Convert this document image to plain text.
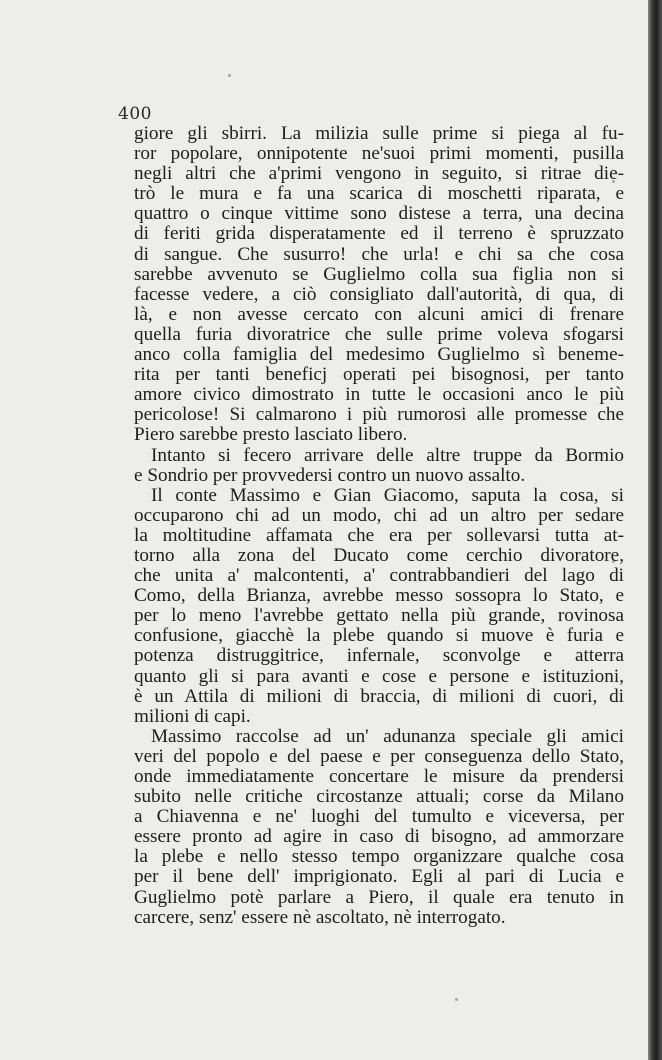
400
giore gli sbirri. La milizia sulle prime si piega al fu-
ror popolare, onnipotente ne'suoi primi momenti, pusilla
negli altri che a'primi vengono in seguito, si ritrae die-
trò le mura e fa una scarica di moschetti riparata, e
quattro o cinque vittime sono distese a terra, una decina
di feriti grida disperatamente ed il terreno è spruzzato
di sangue. Che susurro! che urla! e chi sa che cosa
sarebbe avvenuto se Guglielmo colla sua figlia non si
facesse vedere, a ciò consigliato dall'autorità, di qua, di
là, e non avesse cercato con alcuni amici di frenare
quella furia divoratrice che sulle prime voleva sfogarsi
anco colla famiglia del medesimo Guglielmo sì beneme-
rita per tanti beneficj operati pei bisognosi, per tanto
amore civico dimostrato in tutte le occasioni anco le più
pericolose! Si calmarono i più rumorosi alle promesse che
Piero sarebbe presto lasciato libero.
Intanto si fecero arrivare delle altre truppe da Bormio
e Sondrio per provvedersi contro un nuovo assalto.
Il conte Massimo e Gian Giacomo, saputa la cosa, si
occuparono chi ad un modo, chi ad un altro per sedare
la moltitudine affamata che era per sollevarsi tutta at-
torno alla zona del Ducato come cerchio divoratore,
che unita a' malcontenti, a' contrabbandieri del lago di
Como, della Brianza, avrebbe messo sossopra lo Stato, e
per lo meno l'avrebbe gettato nella più grande, rovinosa
confusione, giacchè la plebe quando si muove è furia e
potenza distruggitrice, infernale, sconvolge e atterra
quanto gli si para avanti e cose e persone e istituzioni,
è un Attila di milioni di braccia, di milioni di cuori, di
milioni di capi.
Massimo raccolse ad un' adunanza speciale gli amici
veri del popolo e del paese e per conseguenza dello Stato,
onde immediatamente concertare le misure da prendersi
subito nelle critiche circostanze attuali; corse da Milano
a Chiavenna e ne' luoghi del tumulto e viceversa, per
essere pronto ad agire in caso di bisogno, ad ammorzare
la plebe e nello stesso tempo organizzare qualche cosa
per il bene dell' imprigionato. Egli al pari di Lucia e
Guglielmo potè parlare a Piero, il quale era tenuto in
carcere, senz' essere nè ascoltato, nè interrogato.
